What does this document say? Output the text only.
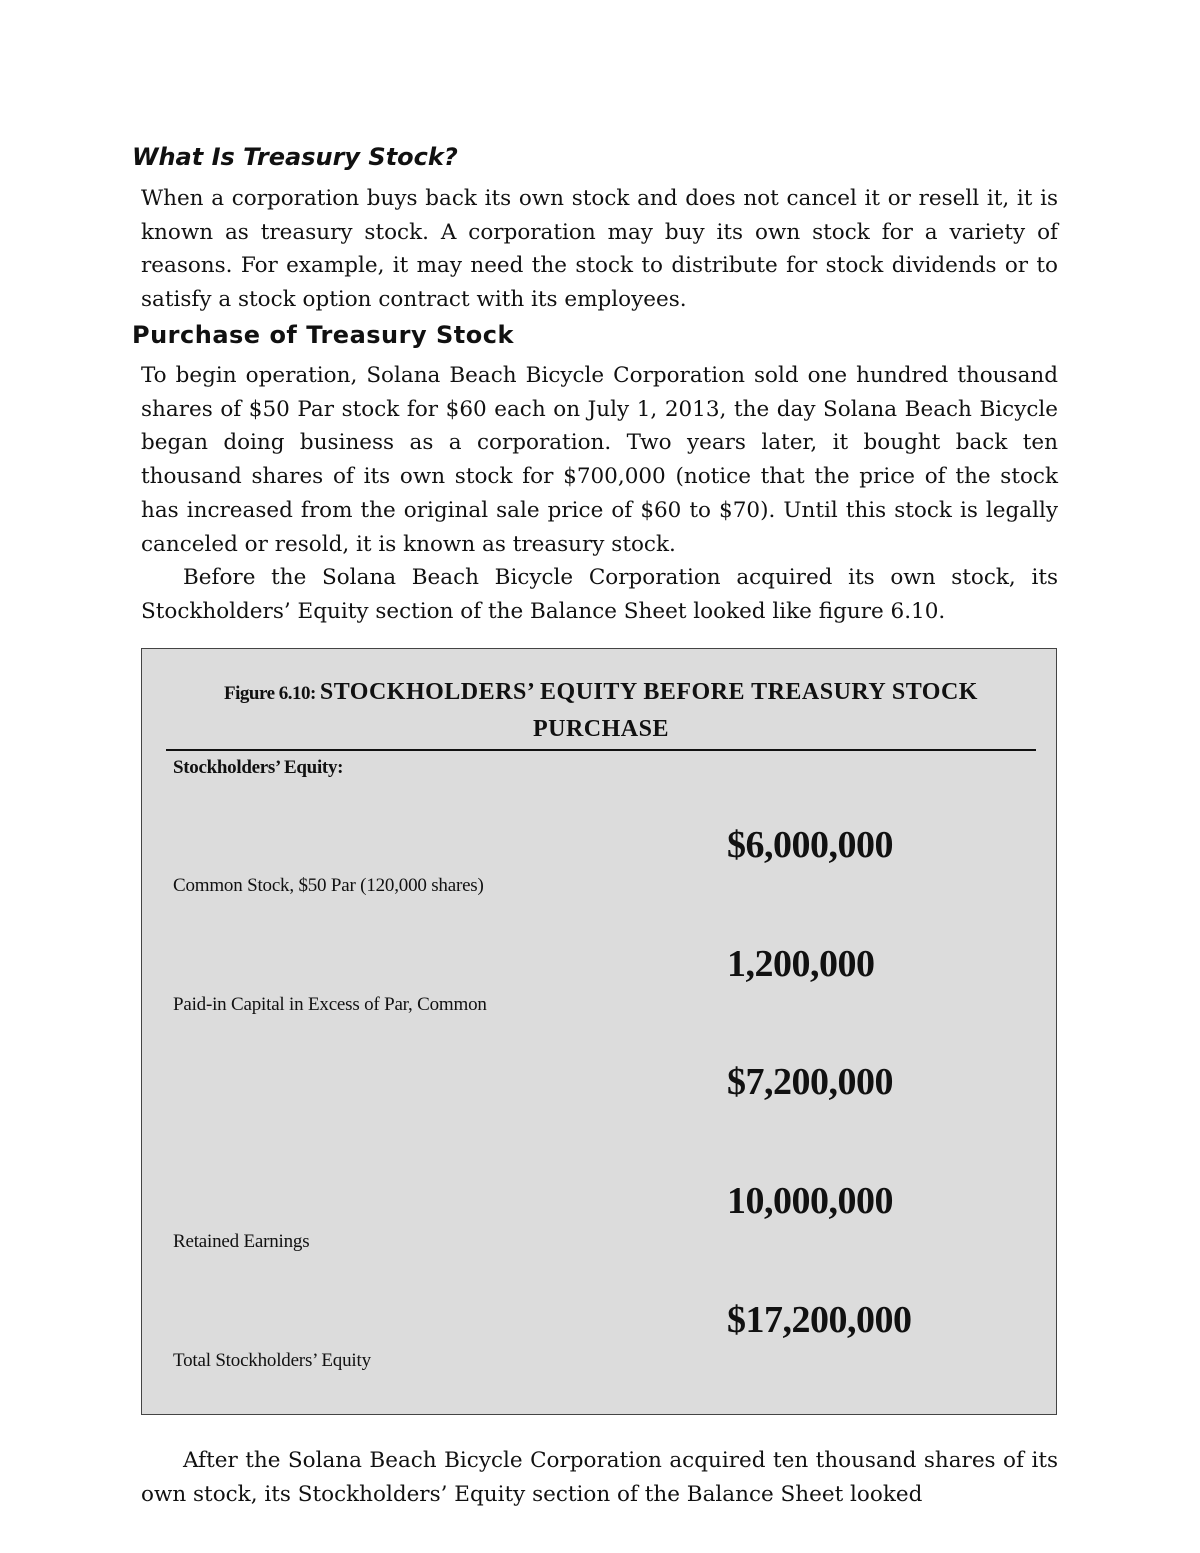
What Is Treasury Stock?

When a corporation buys back its own stock and does not cancel it or resell it, it is known as treasury stock. A corporation may buy its own stock for a variety of reasons. For example, it may need the stock to distribute for stock dividends or to satisfy a stock option contract with its employees.

Purchase of Treasury Stock

To begin operation, Solana Beach Bicycle Corporation sold one hundred thousand shares of $50 Par stock for $60 each on July 1, 2013, the day Solana Beach Bicycle began doing business as a corporation. Two years later, it bought back ten thousand shares of its own stock for $700,000 (notice that the price of the stock has increased from the original sale price of $60 to $70). Until this stock is legally canceled or resold, it is known as treasury stock.

Before the Solana Beach Bicycle Corporation acquired its own stock, its Stockholders’ Equity section of the Balance Sheet looked like figure 6.10.

Figure 6.10: STOCKHOLDERS’ EQUITY BEFORE TREASURY STOCK PURCHASE
Stockholders’ Equity:
$6,000,000
Common Stock, $50 Par (120,000 shares)
1,200,000
Paid-in Capital in Excess of Par, Common
$7,200,000
10,000,000
Retained Earnings
$17,200,000
Total Stockholders’ Equity

After the Solana Beach Bicycle Corporation acquired ten thousand shares of its own stock, its Stockholders’ Equity section of the Balance Sheet looked
